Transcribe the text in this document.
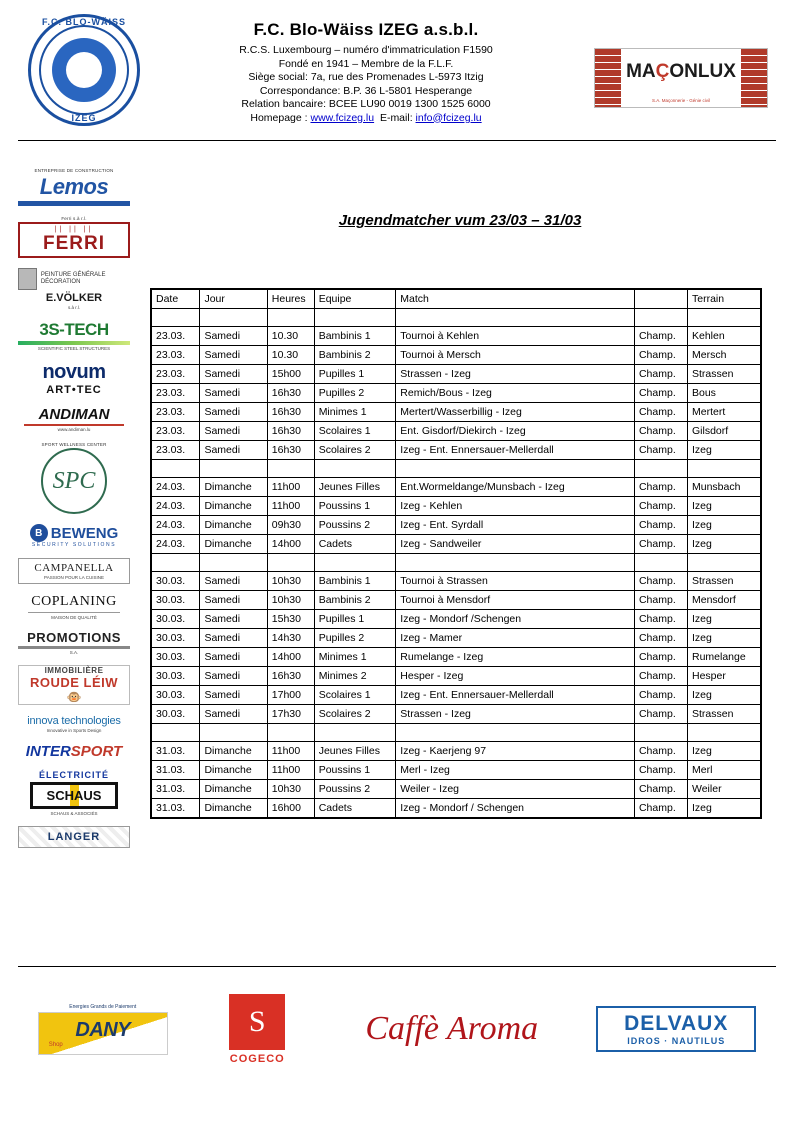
F.C. BLO-WÄISS
IZEG
F.C. Blo-Wäiss IZEG a.s.b.l.
R.C.S. Luxembourg – numéro d'immatriculation F1590
Fondé en 1941 – Membre de la F.L.F.
Siège social: 7a, rue des Promenades L-5973 Itzig
Correspondance: B.P. 36 L-5801 Hesperange
Relation bancaire: BCEE LU90 0019 1300 1525 6000
Homepage : www.fcizeg.lu E-mail: info@fcizeg.lu
MAÇONLUX
S.A. Maçonnerie - Génie civil
Jugendmatcher vum 23/03 – 31/03
ENTREPRISE DE CONSTRUCTION
Lemos
Ferri s.à r.l.
|| || ||
FERRI
PEINTURE GÉNÉRALE DÉCORATION
E.VÖLKER
s.à r.l.
3S-TECH
SCIENTIFIC STEEL STRUCTURES
novum
ART•TEC
ANDIMAN
www.andiman.lu
SPORT WELLNESS CENTER
SPC
B BEWENG
SECURITY SOLUTIONS
CAMPANELLA
PASSION POUR LA CUISINE
COPLANING
MAISON DE QUALITÉ
PROMOTIONS
S.A.
IMMOBILIÈRE
ROUDE LÉIW
🐵
innova technologies
Innovative in Sports Design
INTERSPORT
ÉLECTRICITÉ
SCHAUS
SCHAUS & ASSOCIÉS
LANGER
Date	Jour	Heures	Equipe	Match		Terrain

23.03.	Samedi	10.30	Bambinis 1	Tournoi à Kehlen	Champ.	Kehlen
23.03.	Samedi	10.30	Bambinis 2	Tournoi à Mersch	Champ.	Mersch
23.03.	Samedi	15h00	Pupilles 1	Strassen - Izeg	Champ.	Strassen
23.03.	Samedi	16h30	Pupilles 2	Remich/Bous - Izeg	Champ.	Bous
23.03.	Samedi	16h30	Minimes 1	Mertert/Wasserbillig - Izeg	Champ.	Mertert
23.03.	Samedi	16h30	Scolaires 1	Ent. Gisdorf/Diekirch - Izeg	Champ.	Gilsdorf
23.03.	Samedi	16h30	Scolaires 2	Izeg - Ent. Ennersauer-Mellerdall	Champ.	Izeg

24.03.	Dimanche	11h00	Jeunes Filles	Ent.Wormeldange/Munsbach - Izeg	Champ.	Munsbach
24.03.	Dimanche	11h00	Poussins 1	Izeg - Kehlen	Champ.	Izeg
24.03.	Dimanche	09h30	Poussins 2	Izeg - Ent. Syrdall	Champ.	Izeg
24.03.	Dimanche	14h00	Cadets	Izeg - Sandweiler	Champ.	Izeg

30.03.	Samedi	10h30	Bambinis 1	Tournoi à Strassen	Champ.	Strassen
30.03.	Samedi	10h30	Bambinis 2	Tournoi à Mensdorf	Champ.	Mensdorf
30.03.	Samedi	15h30	Pupilles 1	Izeg - Mondorf /Schengen	Champ.	Izeg
30.03.	Samedi	14h30	Pupilles 2	Izeg - Mamer	Champ.	Izeg
30.03.	Samedi	14h00	Minimes 1	Rumelange - Izeg	Champ.	Rumelange
30.03.	Samedi	16h30	Minimes 2	Hesper - Izeg	Champ.	Hesper
30.03.	Samedi	17h00	Scolaires 1	Izeg - Ent. Ennersauer-Mellerdall	Champ.	Izeg
30.03.	Samedi	17h30	Scolaires 2	Strassen - Izeg	Champ.	Strassen

31.03.	Dimanche	11h00	Jeunes Filles	Izeg - Kaerjeng 97	Champ.	Izeg
31.03.	Dimanche	11h00	Poussins 1	Merl - Izeg	Champ.	Merl
31.03.	Dimanche	10h30	Poussins 2	Weiler - Izeg	Champ.	Weiler
31.03.	Dimanche	16h00	Cadets	Izeg - Mondorf / Schengen	Champ.	Izeg
Energies Grands de Paiement
DANY
Shop
S
COGECO
Caffè Aroma	DELVAUX
IDROS · NAUTILUS
